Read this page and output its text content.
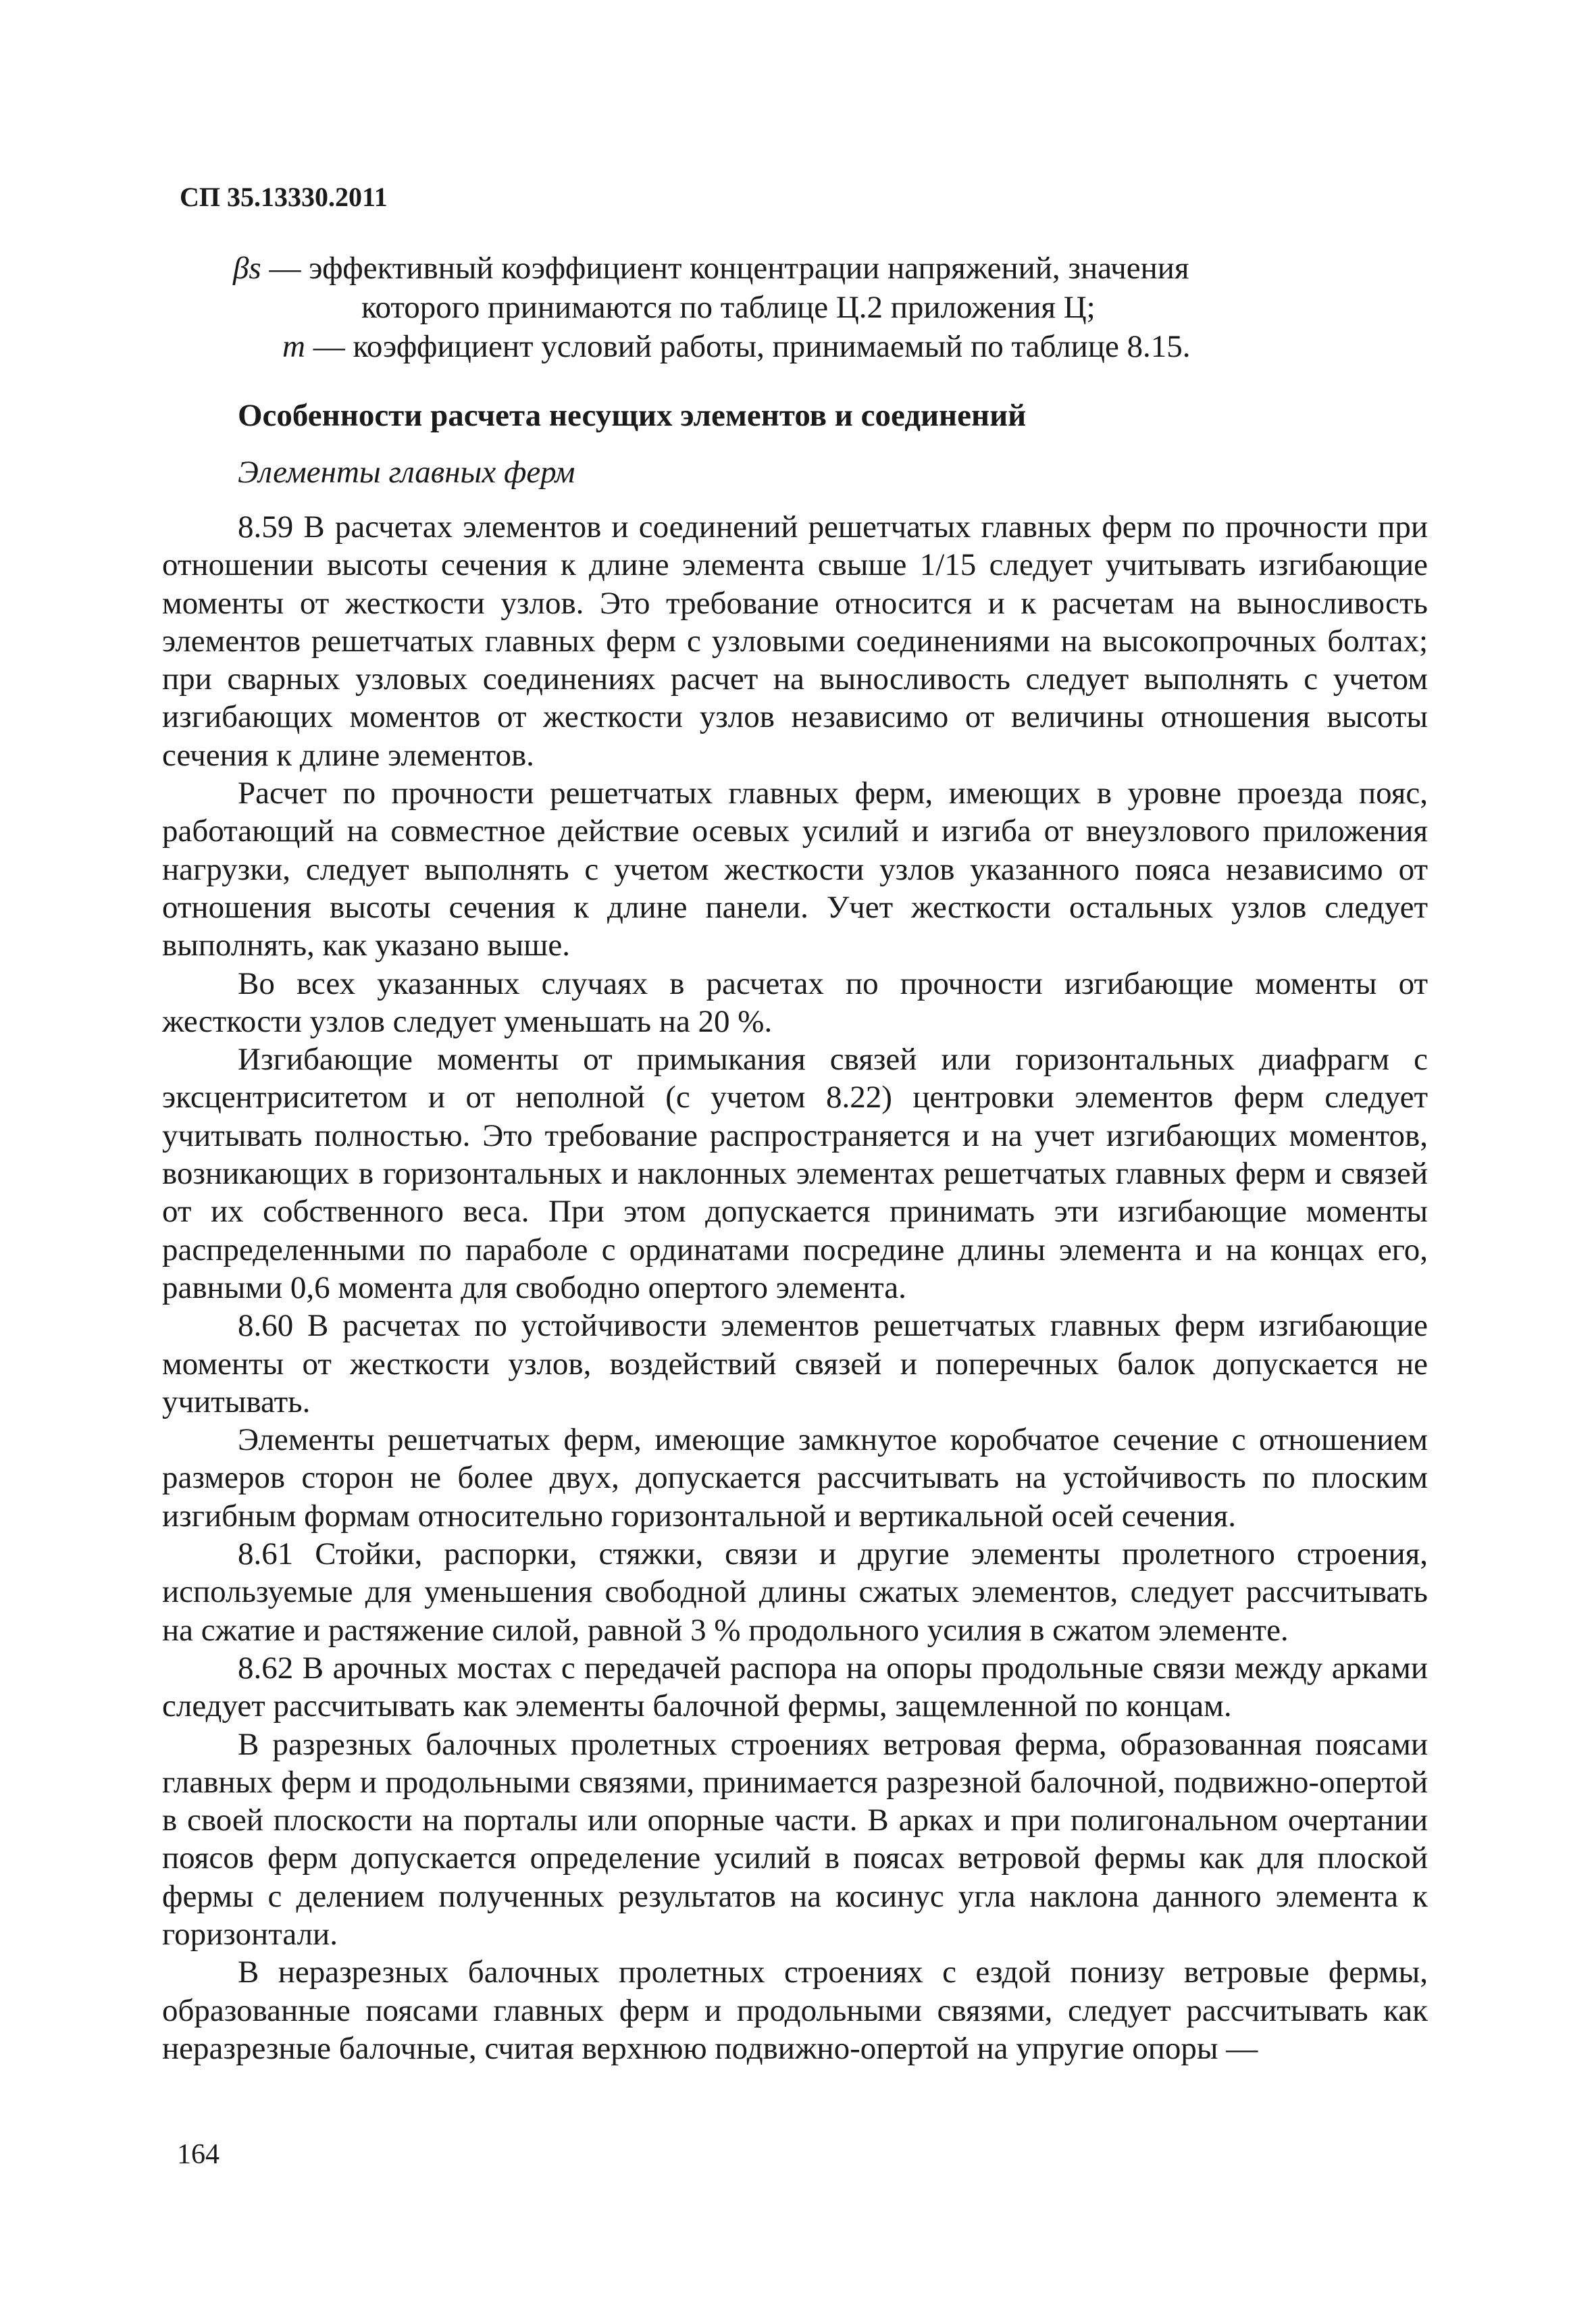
СП 35.13330.2011
βs — эффективный коэффициент концентрации напряжений, значения
которого принимаются по таблице Ц.2 приложения Ц;
m — коэффициент условий работы, принимаемый по таблице 8.15.
Особенности расчета несущих элементов и соединений
Элементы главных ферм

8.59 В расчетах элементов и соединений решетчатых главных ферм по прочности при отношении высоты сечения к длине элемента свыше 1/15 следует учитывать изгибающие моменты от жесткости узлов. Это требование относится и к расчетам на выносливость элементов решетчатых главных ферм с узловыми соединениями на высокопрочных болтах; при сварных узловых соединениях расчет на выносливость следует выполнять с учетом изгибающих моментов от жесткости узлов независимо от величины отношения высоты сечения к длине элементов.

Расчет по прочности решетчатых главных ферм, имеющих в уровне проезда пояс, работающий на совместное действие осевых усилий и изгиба от внеузлового приложения нагрузки, следует выполнять с учетом жесткости узлов указанного пояса независимо от отношения высоты сечения к длине панели. Учет жесткости остальных узлов следует выполнять, как указано выше.

Во всех указанных случаях в расчетах по прочности изгибающие моменты от жесткости узлов следует уменьшать на 20 %.

Изгибающие моменты от примыкания связей или горизонтальных диафрагм с эксцентриситетом и от неполной (с учетом 8.22) центровки элементов ферм следует учитывать полностью. Это требование распространяется и на учет изгибающих моментов, возникающих в горизонтальных и наклонных элементах решетчатых главных ферм и связей от их собственного веса. При этом допускается принимать эти изгибающие моменты распределенными по параболе с ординатами посредине длины элемента и на концах его, равными 0,6 момента для свободно опертого элемента.

8.60 В расчетах по устойчивости элементов решетчатых главных ферм изгибающие моменты от жесткости узлов, воздействий связей и поперечных балок допускается не учитывать.

Элементы решетчатых ферм, имеющие замкнутое коробчатое сечение с отношением размеров сторон не более двух, допускается рассчитывать на устойчивость по плоским изгибным формам относительно горизонтальной и вертикальной осей сечения.

8.61 Стойки, распорки, стяжки, связи и другие элементы пролетного строения, используемые для уменьшения свободной длины сжатых элементов, следует рассчитывать на сжатие и растяжение силой, равной 3 % продольного усилия в сжатом элементе.

8.62 В арочных мостах с передачей распора на опоры продольные связи между арками следует рассчитывать как элементы балочной фермы, защемленной по концам.

В разрезных балочных пролетных строениях ветровая ферма, образованная поясами главных ферм и продольными связями, принимается разрезной балочной, подвижно-опертой в своей плоскости на порталы или опорные части. В арках и при полигональном очертании поясов ферм допускается определение усилий в поясах ветровой фермы как для плоской фермы с делением полученных результатов на косинус угла наклона данного элемента к горизонтали.

В неразрезных балочных пролетных строениях с ездой понизу ветровые фермы, образованные поясами главных ферм и продольными связями, следует рассчитывать как неразрезные балочные, считая верхнюю подвижно-опертой на упругие опоры —

164
